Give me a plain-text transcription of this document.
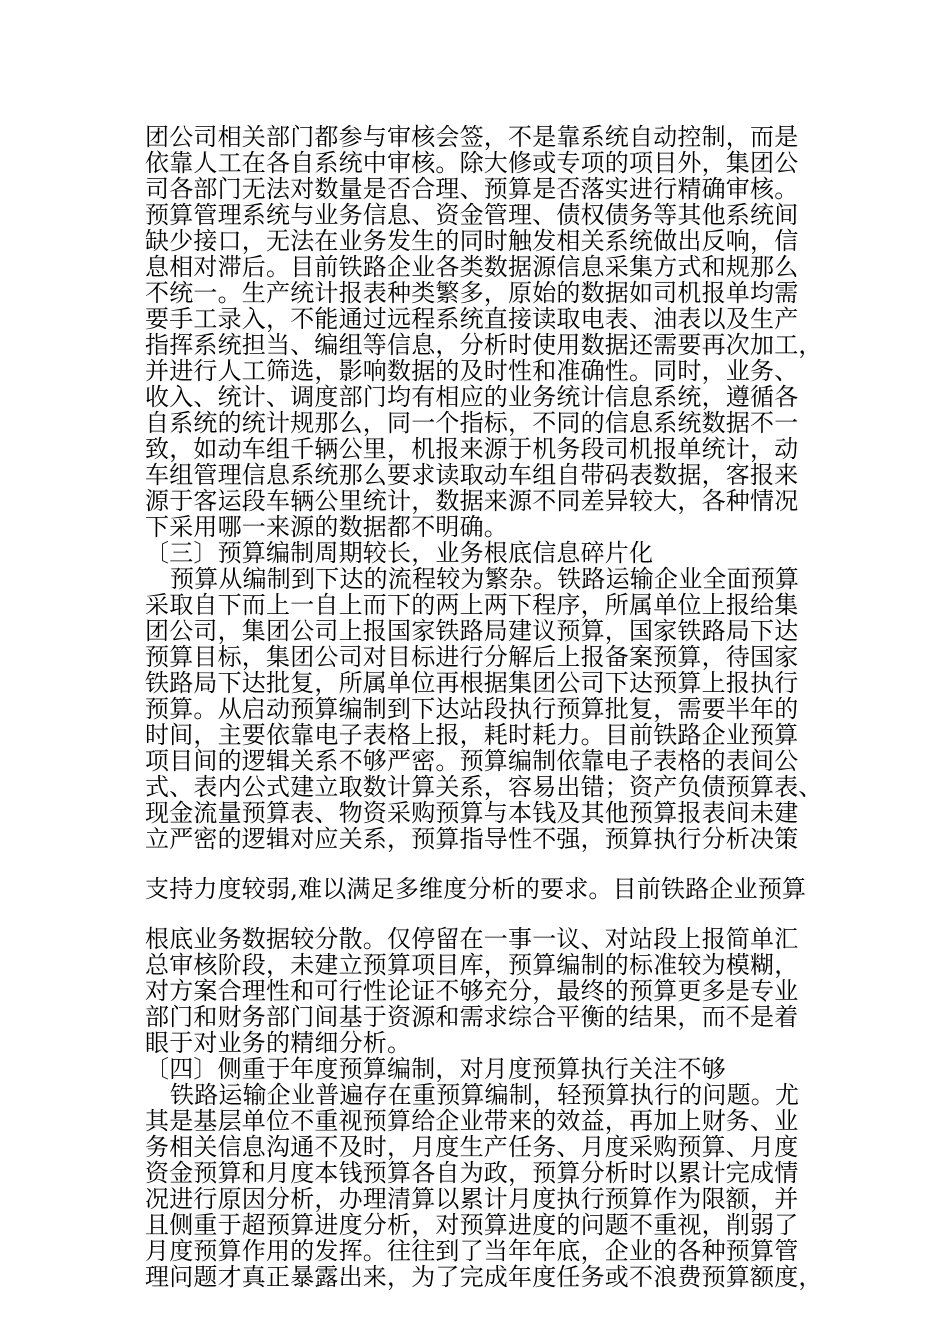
团公司相关部门都参与审核会签，不是靠系统自动控制，而是
依靠人工在各自系统中审核。除大修或专项的项目外，集团公
司各部门无法对数量是否合理、预算是否落实进行精确审核。
预算管理系统与业务信息、资金管理、债权债务等其他系统间
缺少接口，无法在业务发生的同时触发相关系统做出反响，信
息相对滞后。目前铁路企业各类数据源信息采集方式和规那么
不统一。生产统计报表种类繁多，原始的数据如司机报单均需
要手工录入，不能通过远程系统直接读取电表、油表以及生产
指挥系统担当、编组等信息，分析时使用数据还需要再次加工，
并进行人工筛选，影响数据的及时性和准确性。同时，业务、
收入、统计、调度部门均有相应的业务统计信息系统，遵循各
自系统的统计规那么，同一个指标，不同的信息系统数据不一
致，如动车组千辆公里，机报来源于机务段司机报单统计，动
车组管理信息系统那么要求读取动车组自带码表数据，客报来
源于客运段车辆公里统计，数据来源不同差异较大，各种情况
下采用哪一来源的数据都不明确。
〔三〕预算编制周期较长，业务根底信息碎片化
预算从编制到下达的流程较为繁杂。铁路运输企业全面预算
采取自下而上一自上而下的两上两下程序，所属单位上报给集
团公司，集团公司上报国家铁路局建议预算，国家铁路局下达
预算目标，集团公司对目标进行分解后上报备案预算，待国家
铁路局下达批复，所属单位再根据集团公司下达预算上报执行
预算。从启动预算编制到下达站段执行预算批复，需要半年的
时间，主要依靠电子表格上报，耗时耗力。目前铁路企业预算
项目间的逻辑关系不够严密。预算编制依靠电子表格的表间公
式、表内公式建立取数计算关系，容易出错；资产负债预算表、
现金流量预算表、物资采购预算与本钱及其他预算报表间未建
立严密的逻辑对应关系，预算指导性不强，预算执行分析决策
支持力度较弱,难以满足多维度分析的要求。目前铁路企业预算
根底业务数据较分散。仅停留在一事一议、对站段上报简单汇
总审核阶段，未建立预算项目库，预算编制的标准较为模糊，
对方案合理性和可行性论证不够充分，最终的预算更多是专业
部门和财务部门间基于资源和需求综合平衡的结果，而不是着
眼于对业务的精细分析。
〔四〕侧重于年度预算编制，对月度预算执行关注不够
铁路运输企业普遍存在重预算编制，轻预算执行的问题。尤
其是基层单位不重视预算给企业带来的效益，再加上财务、业
务相关信息沟通不及时，月度生产任务、月度采购预算、月度
资金预算和月度本钱预算各自为政，预算分析时以累计完成情
况进行原因分析，办理清算以累计月度执行预算作为限额，并
且侧重于超预算进度分析，对预算进度的问题不重视，削弱了
月度预算作用的发挥。往往到了当年年底，企业的各种预算管
理问题才真正暴露出来，为了完成年度任务或不浪费预算额度，
